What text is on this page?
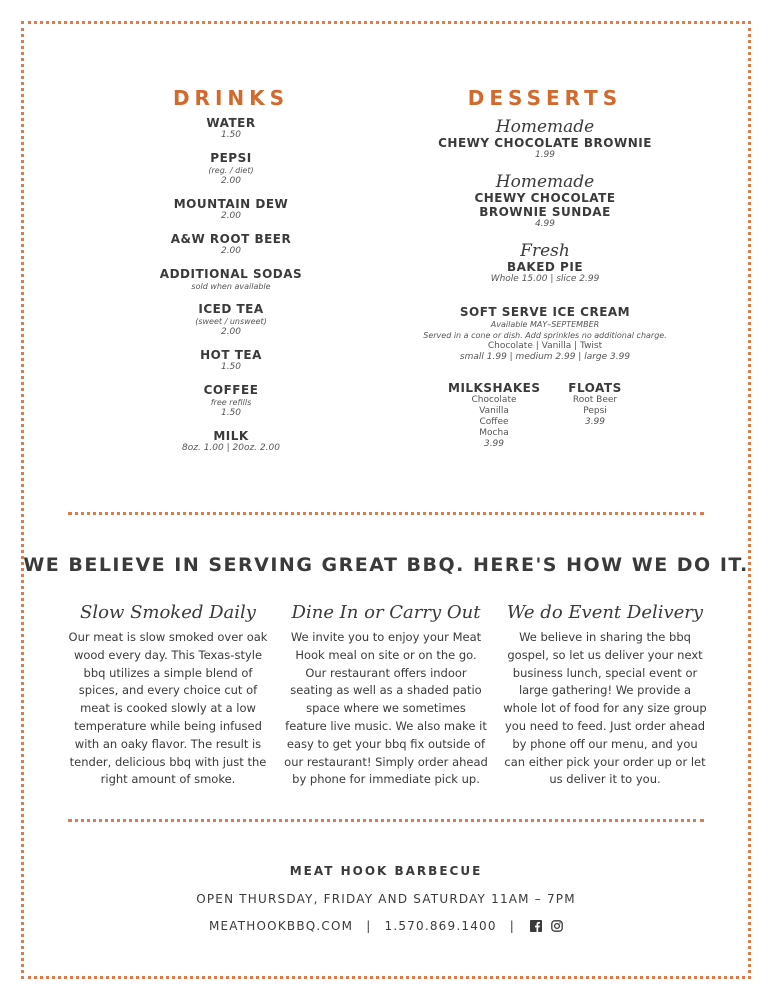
DRINKS
WATER
1.50
PEPSI
(reg. / diet)
2.00
MOUNTAIN DEW
2.00
A&W ROOT BEER
2.00
ADDITIONAL SODAS
sold when available
ICED TEA
(sweet / unsweet)
2.00
HOT TEA
1.50
COFFEE
free refills
1.50
MILK
8oz. 1.00 | 20oz. 2.00
DESSERTS
Homemade
CHEWY CHOCOLATE BROWNIE
1.99
Homemade
CHEWY CHOCOLATE
BROWNIE SUNDAE
4.99
Fresh
BAKED PIE
Whole 15.00 | slice 2.99
SOFT SERVE ICE CREAM
Available MAY–SEPTEMBER
Served in a cone or dish. Add sprinkles no additional charge.
Chocolate | Vanilla | Twist
small 1.99 | medium 2.99 | large 3.99
MILKSHAKES
Chocolate
Vanilla
Coffee
Mocha
3.99
FLOATS
Root Beer
Pepsi
3.99
WE BELIEVE IN SERVING GREAT BBQ. HERE'S HOW WE DO IT.
Slow Smoked Daily
Our meat is slow smoked over oak wood every day. This Texas-style bbq utilizes a simple blend of spices, and every choice cut of meat is cooked slowly at a low temperature while being infused with an oaky flavor. The result is tender, delicious bbq with just the right amount of smoke.
Dine In or Carry Out
We invite you to enjoy your Meat Hook meal on site or on the go. Our restaurant offers indoor seating as well as a shaded patio space where we sometimes feature live music. We also make it easy to get your bbq fix outside of our restaurant! Simply order ahead by phone for immediate pick up.
We do Event Delivery
We believe in sharing the bbq gospel, so let us deliver your next business lunch, special event or large gathering! We provide a whole lot of food for any size group you need to feed. Just order ahead by phone off our menu, and you can either pick your order up or let us deliver it to you.
MEAT HOOK BARBECUE
OPEN THURSDAY, FRIDAY AND SATURDAY 11AM – 7PM
MEATHOOKBBQ.COM | 1.570.869.1400 |
